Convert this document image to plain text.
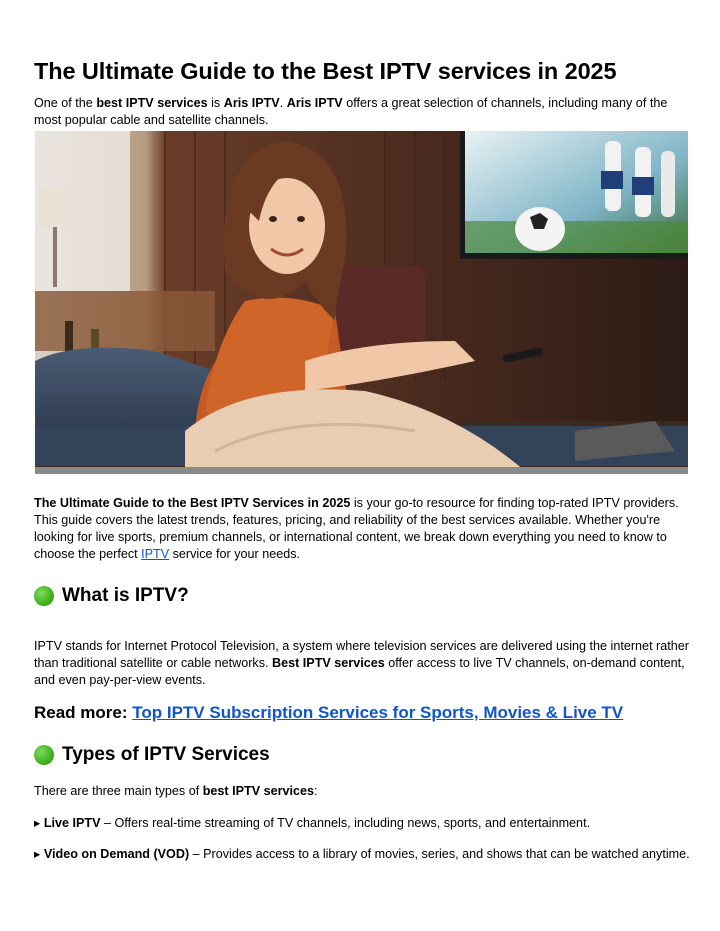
The Ultimate Guide to the Best IPTV services in 2025

One of the best IPTV services is Aris IPTV. Aris IPTV offers a great selection of channels, including many of the most popular cable and satellite channels.

The Ultimate Guide to the Best IPTV Services in 2025 is your go-to resource for finding top-rated IPTV providers. This guide covers the latest trends, features, pricing, and reliability of the best services available. Whether you're looking for live sports, premium channels, or international content, we break down everything you need to know to choose the perfect IPTV service for your needs.

What is IPTV?

IPTV stands for Internet Protocol Television, a system where television services are delivered using the internet rather than traditional satellite or cable networks. Best IPTV services offer access to live TV channels, on-demand content, and even pay-per-view events.

Read more: Top IPTV Subscription Services for Sports, Movies & Live TV

Types of IPTV Services

There are three main types of best IPTV services:

▸ Live IPTV – Offers real-time streaming of TV channels, including news, sports, and entertainment.

▸ Video on Demand (VOD) – Provides access to a library of movies, series, and shows that can be watched anytime.
